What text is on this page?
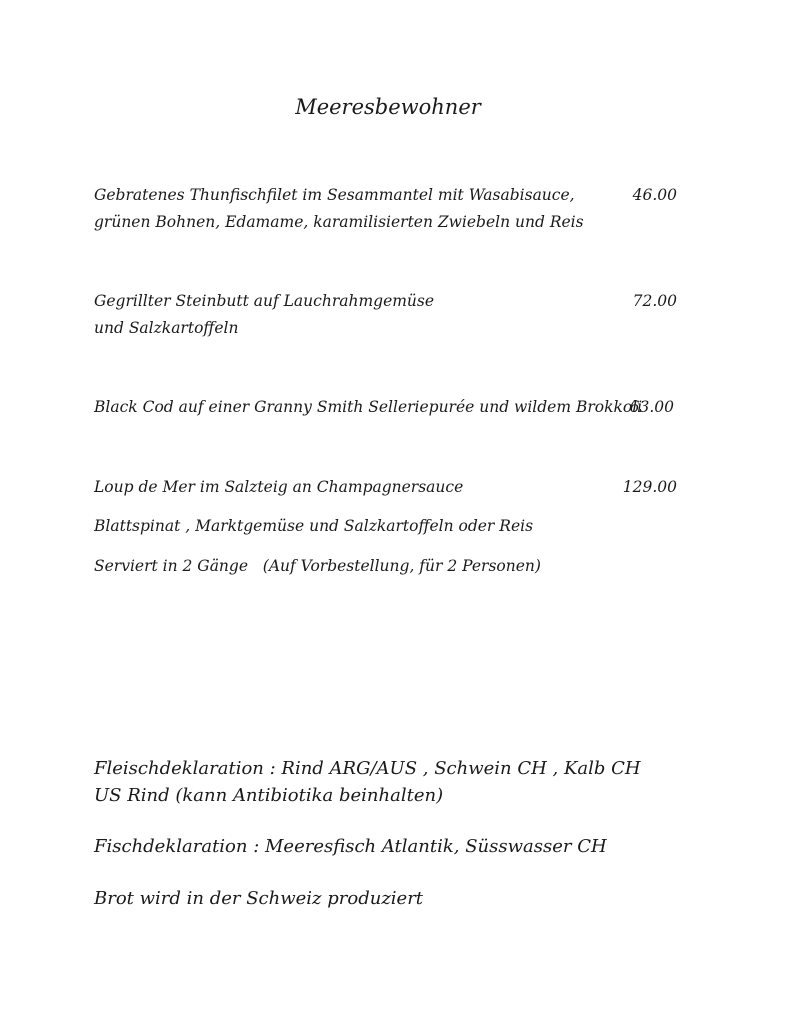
Meeresbewohner
Gebratenes Thunfischfilet im Sesammantel mit Wasabisauce,
grünen Bohnen, Edamame, karamilisierten Zwiebeln und Reis
46.00
Gegrillter Steinbutt auf Lauchrahmgemüse
und Salzkartoffeln
72.00
Black Cod auf einer Granny Smith Selleriepurée und wildem Brokkoli
63.00
Loup de Mer im Salzteig an Champagnersauce
Blattspinat , Marktgemüse und Salzkartoffeln oder Reis
Serviert in 2 Gänge   (Auf Vorbestellung, für 2 Personen)
129.00
Fleischdeklaration : Rind ARG/AUS , Schwein CH , Kalb CH
US Rind (kann Antibiotika beinhalten)
Fischdeklaration : Meeresfisch Atlantik, Süsswasser CH
Brot wird in der Schweiz produziert
